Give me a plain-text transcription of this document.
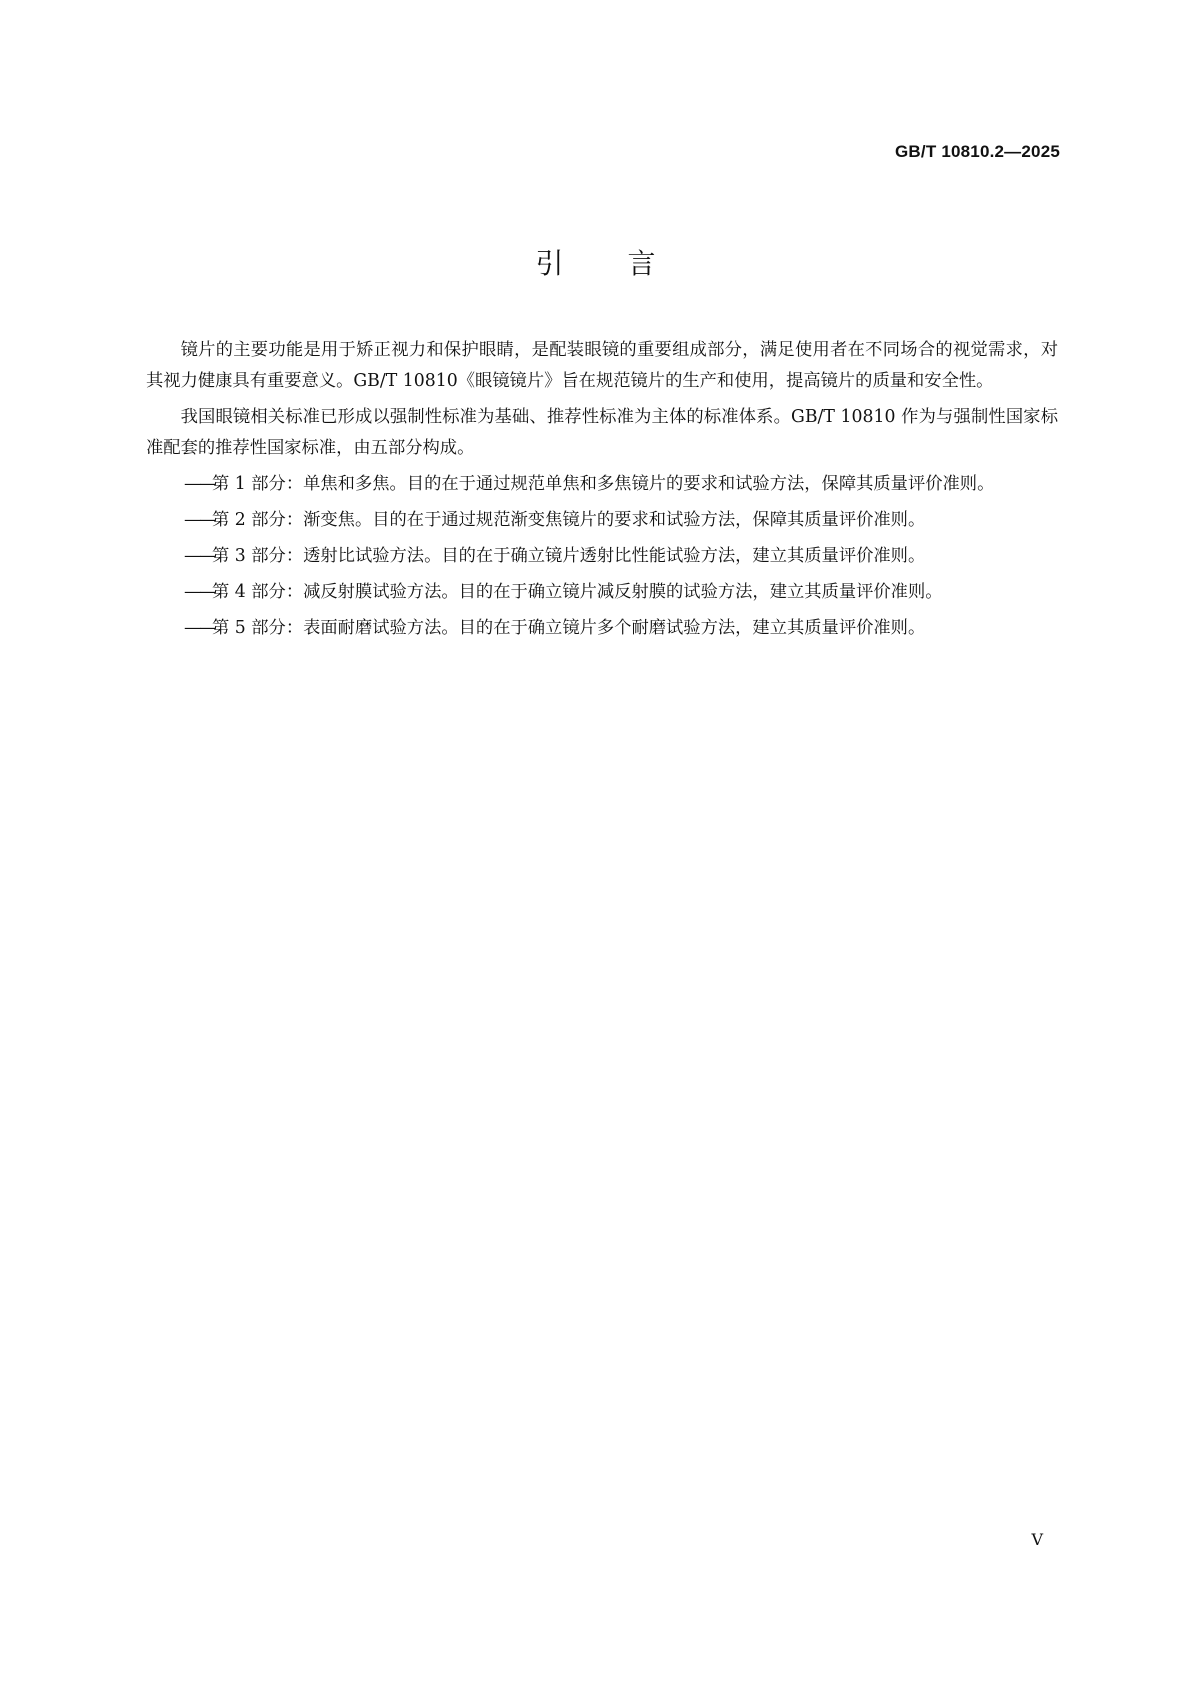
GB/T 10810.2—2025
引言

镜片的主要功能是用于矫正视力和保护眼睛，是配装眼镜的重要组成部分，满足使用者在不同场合的视觉需求，对其视力健康具有重要意义。GB/T 10810《眼镜镜片》旨在规范镜片的生产和使用，提高镜片的质量和安全性。

我国眼镜相关标准已形成以强制性标准为基础、推荐性标准为主体的标准体系。GB/T 10810 作为与强制性国家标准配套的推荐性国家标准，由五部分构成。

——
第 1 部分：单焦和多焦。目的在于通过规范单焦和多焦镜片的要求和试验方法，保障其质量评价准则。
——
第 2 部分：渐变焦。目的在于通过规范渐变焦镜片的要求和试验方法，保障其质量评价准则。
——
第 3 部分：透射比试验方法。目的在于确立镜片透射比性能试验方法，建立其质量评价准则。
——
第 4 部分：减反射膜试验方法。目的在于确立镜片减反射膜的试验方法，建立其质量评价准则。
——
第 5 部分：表面耐磨试验方法。目的在于确立镜片多个耐磨试验方法，建立其质量评价准则。
V
